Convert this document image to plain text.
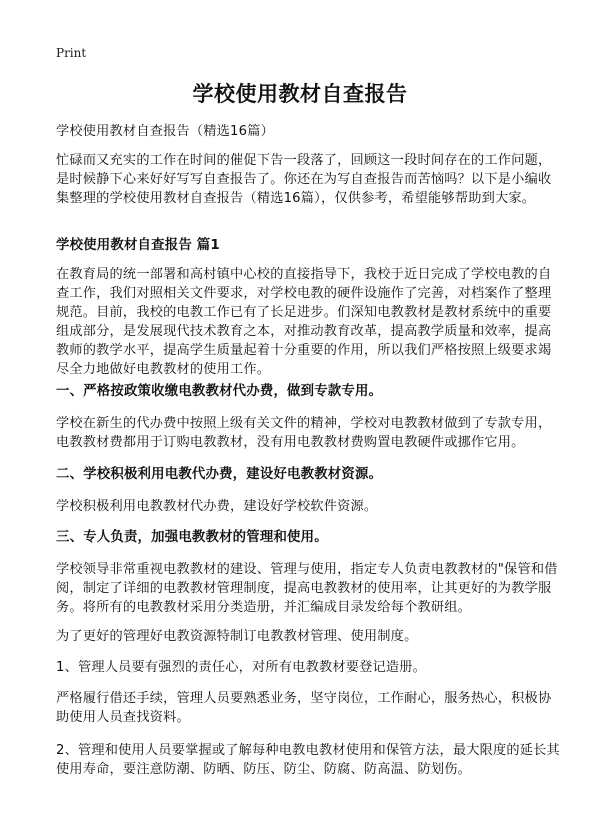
Print
学校使用教材自查报告
学校使用教材自查报告（精选16篇）
忙碌而又充实的工作在时间的催促下告一段落了，回顾这一段时间存在的工作问题，是时候静下心来好好写写自查报告了。你还在为写自查报告而苦恼吗？以下是小编收集整理的学校使用教材自查报告（精选16篇），仅供参考，希望能够帮助到大家。
学校使用教材自查报告 篇1
在教育局的统一部署和高村镇中心校的直接指导下，我校于近日完成了学校电教的自查工作，我们对照相关文件要求，对学校电教的硬件设施作了完善，对档案作了整理规范。目前，我校的电教工作已有了长足进步。们深知电教教材是教材系统中的重要组成部分，是发展现代技术教育之本，对推动教育改革，提高教学质量和效率，提高教师的教学水平，提高学生质量起着十分重要的作用，所以我们严格按照上级要求竭尽全力地做好电教教材的使用工作。
一、严格按政策收缴电教教材代办费，做到专款专用。
学校在新生的代办费中按照上级有关文件的精神，学校对电教教材做到了专款专用，电教教材费都用于订购电教教材，没有用电教教材费购置电教硬件或挪作它用。
二、学校积极利用电教代办费，建设好电教教材资源。
学校积极利用电教教材代办费，建设好学校软件资源。
三、专人负责，加强电教教材的管理和使用。
学校领导非常重视电教教材的建设、管理与使用，指定专人负责电教教材的"保管和借阅，制定了详细的电教教材管理制度，提高电教教材的使用率，让其更好的为教学服务。将所有的电教教材采用分类造册，并汇编成目录发给每个教研组。
为了更好的管理好电教资源特制订电教教材管理、使用制度。
1、管理人员要有强烈的责任心，对所有电教教材要登记造册。
严格履行借还手续，管理人员要熟悉业务，坚守岗位，工作耐心，服务热心，积极协助使用人员查找资料。
2、管理和使用人员要掌握或了解每种电教电教材使用和保管方法，最大限度的延长其使用寿命，要注意防潮、防晒、防压、防尘、防腐、防高温、防划伤。
